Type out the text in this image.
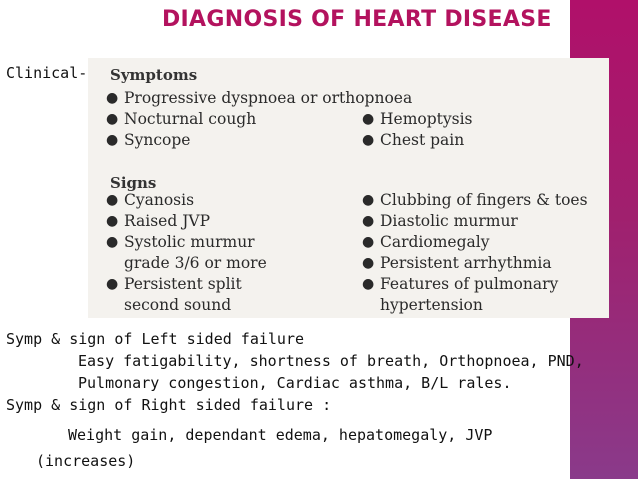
DIAGNOSIS OF HEART DISEASE
Clinical- Symptoms
● Progressive dyspnoea or orthopnoea
● Nocturnal cough
● Syncope
● Hemoptysis
● Chest pain
Signs
● Cyanosis
● Raised JVP
● Systolic murmur
grade 3/6 or more
● Persistent split
second sound
● Clubbing of fingers & toes
● Diastolic murmur
● Cardiomegaly
● Persistent arrhythmia
● Features of pulmonary
hypertension
Symp & sign of Left sided failure
Easy fatigability, shortness of breath, Orthopnoea, PND,
Pulmonary congestion, Cardiac asthma, B/L rales.
Symp & sign of Right sided failure :
Weight gain, dependant edema, hepatomegaly, JVP
(increases)
